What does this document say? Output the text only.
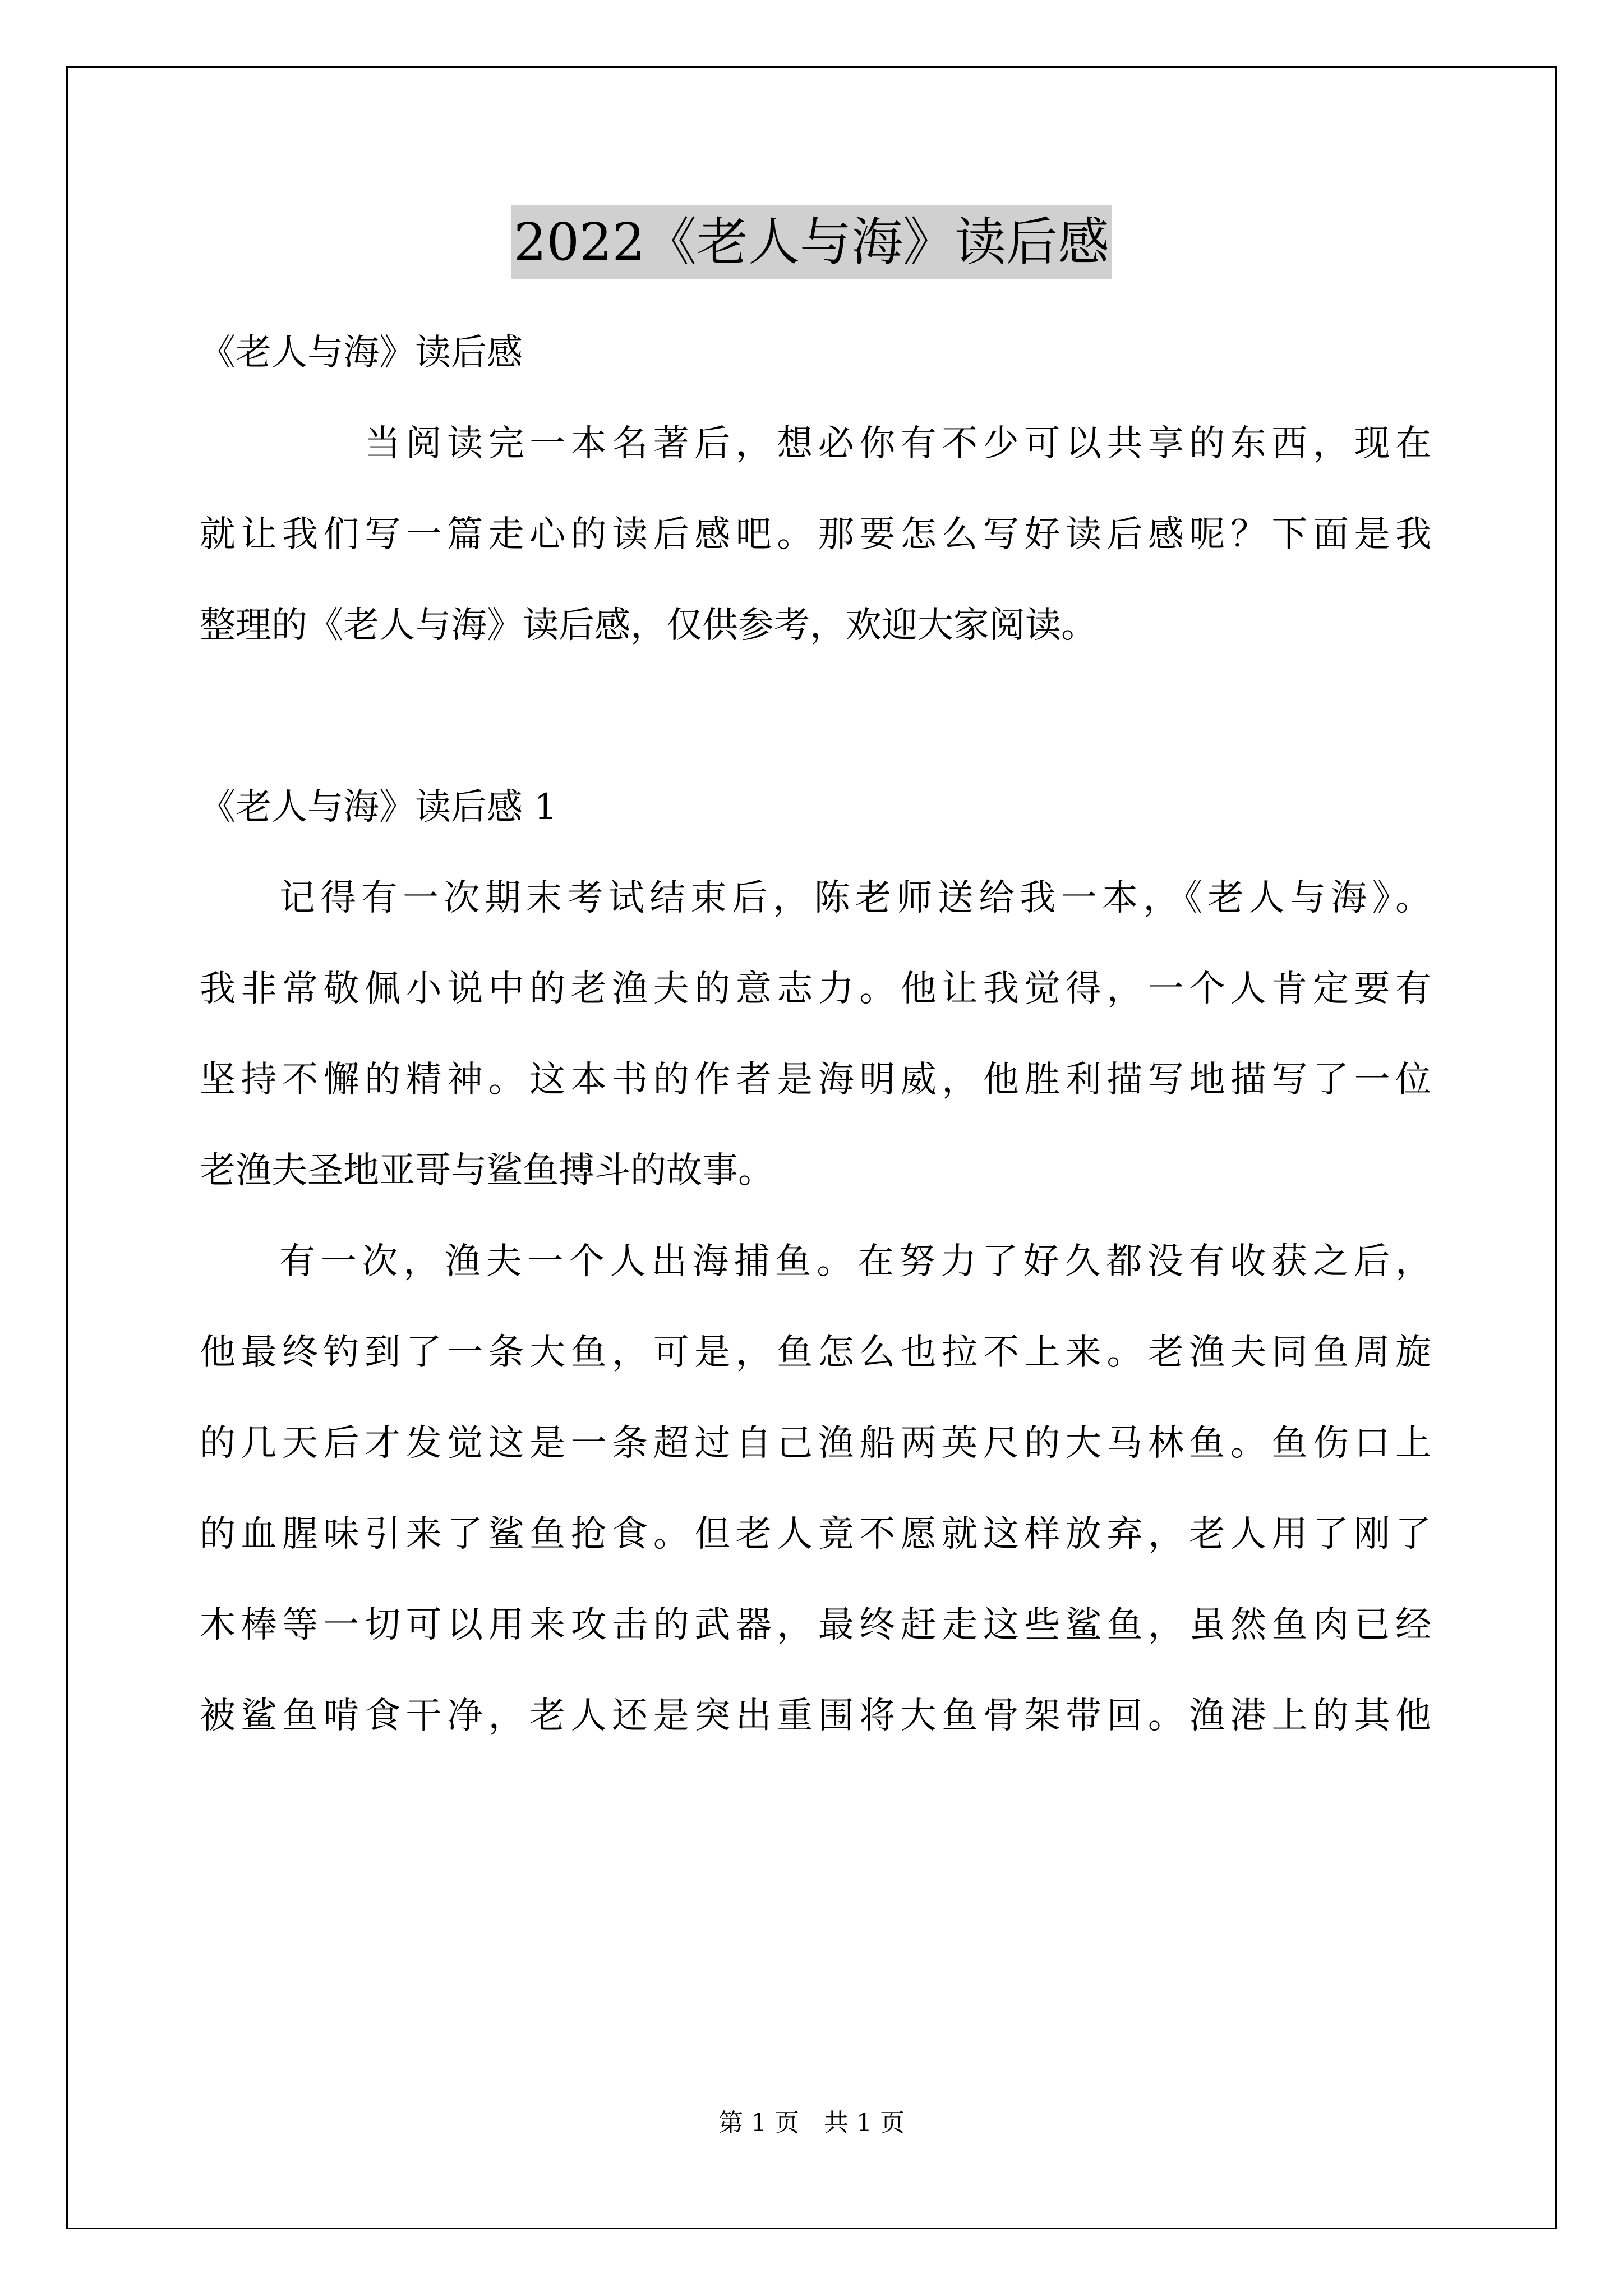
2022《老人与海》读后感
《老人与海》读后感
当阅读完一本名著后，想必你有不少可以共享的东西，现在
就让我们写一篇走心的读后感吧。那要怎么写好读后感呢？下面是我
整理的《老人与海》读后感，仅供参考，欢迎大家阅读。
《老人与海》读后感 1
记得有一次期末考试结束后，陈老师送给我一本，《老人与海》。
我非常敬佩小说中的老渔夫的意志力。他让我觉得，一个人肯定要有
坚持不懈的精神。这本书的作者是海明威，他胜利描写地描写了一位
老渔夫圣地亚哥与鲨鱼搏斗的故事。
有一次，渔夫一个人出海捕鱼。在努力了好久都没有收获之后，
他最终钓到了一条大鱼，可是，鱼怎么也拉不上来。老渔夫同鱼周旋
的几天后才发觉这是一条超过自己渔船两英尺的大马林鱼。鱼伤口上
的血腥味引来了鲨鱼抢食。但老人竟不愿就这样放弃，老人用了刚了
木棒等一切可以用来攻击的武器，最终赶走这些鲨鱼，虽然鱼肉已经
被鲨鱼啃食干净，老人还是突出重围将大鱼骨架带回。渔港上的其他
第 1 页　共 1 页
